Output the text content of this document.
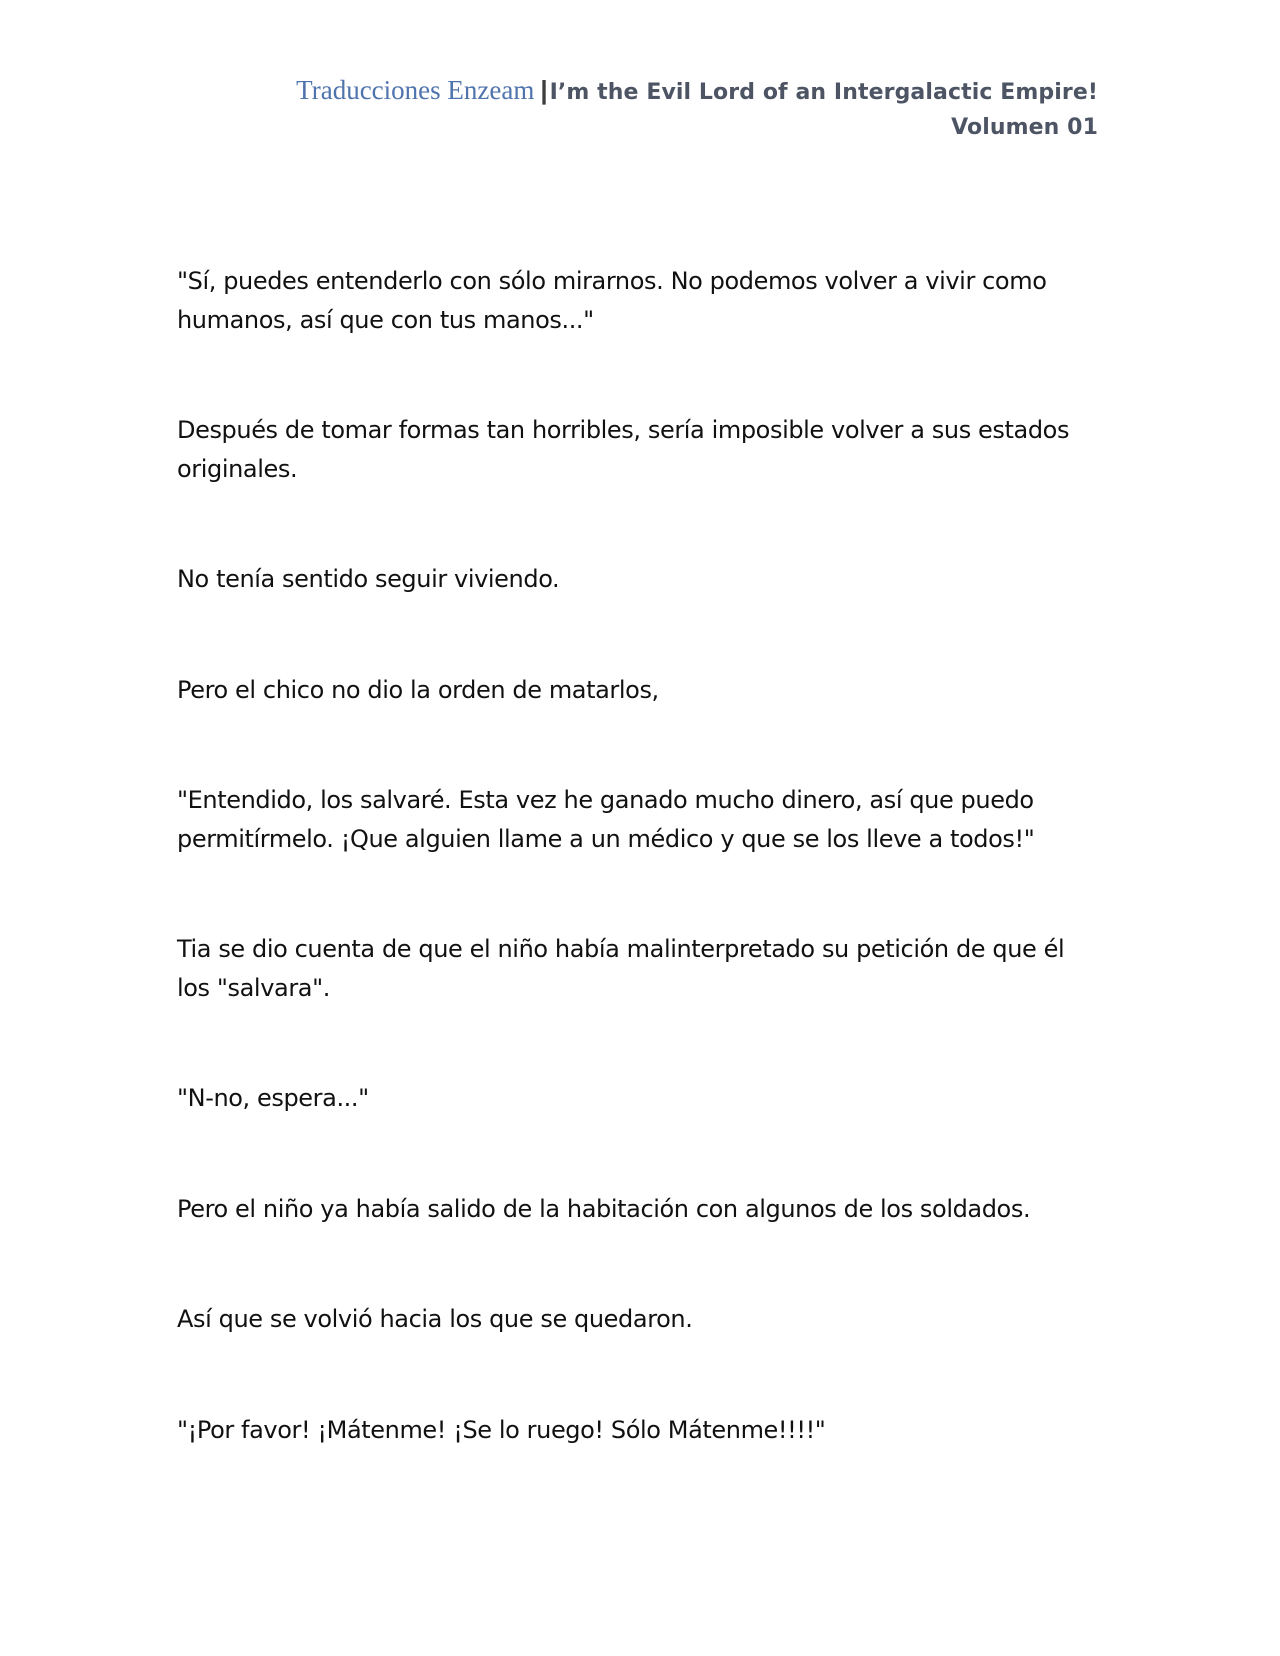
Traducciones Enzeam |I’m the Evil Lord of an Intergalactic Empire!
Volumen 01

"Sí, puedes entenderlo con sólo mirarnos. No podemos volver a vivir como humanos, así que con tus manos..."

Después de tomar formas tan horribles, sería imposible volver a sus estados originales.

No tenía sentido seguir viviendo.

Pero el chico no dio la orden de matarlos,

"Entendido, los salvaré. Esta vez he ganado mucho dinero, así que puedo permitírmelo. ¡Que alguien llame a un médico y que se los lleve a todos!"

Tia se dio cuenta de que el niño había malinterpretado su petición de que él los "salvara".

"N-no, espera..."

Pero el niño ya había salido de la habitación con algunos de los soldados.

Así que se volvió hacia los que se quedaron.

"¡Por favor! ¡Mátenme! ¡Se lo ruego! Sólo Mátenme!!!!"
